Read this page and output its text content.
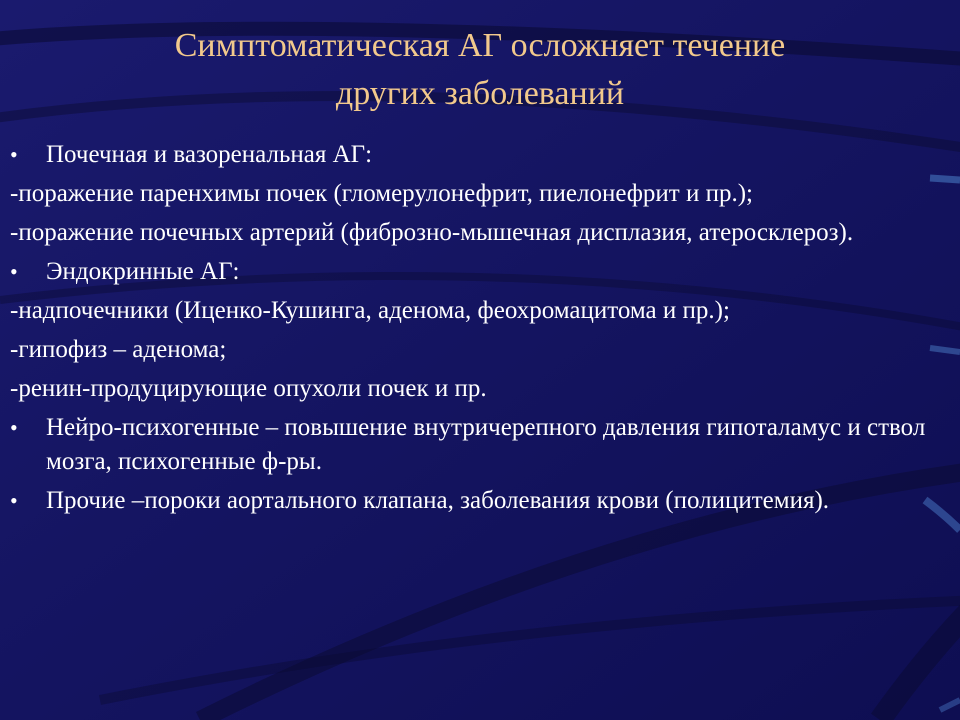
Симптоматическая АГ осложняет течение
других заболеваний
•	Почечная и вазоренальная АГ:
-поражение паренхимы почек (гломерулонефрит, пиелонефрит и пр.);
-поражение почечных артерий (фиброзно-мышечная дисплазия, атеросклероз).
•	Эндокринные АГ:
-надпочечники (Иценко-Кушинга, аденома, феохромацитома и пр.);
-гипофиз – аденома;
-ренин-продуцирующие опухоли почек и пр.
•	Нейро-психогенные – повышение внутричерепного давления гипоталамус и ствол мозга, психогенные ф-ры.
•	Прочие –пороки аортального клапана, заболевания крови (полицитемия).
